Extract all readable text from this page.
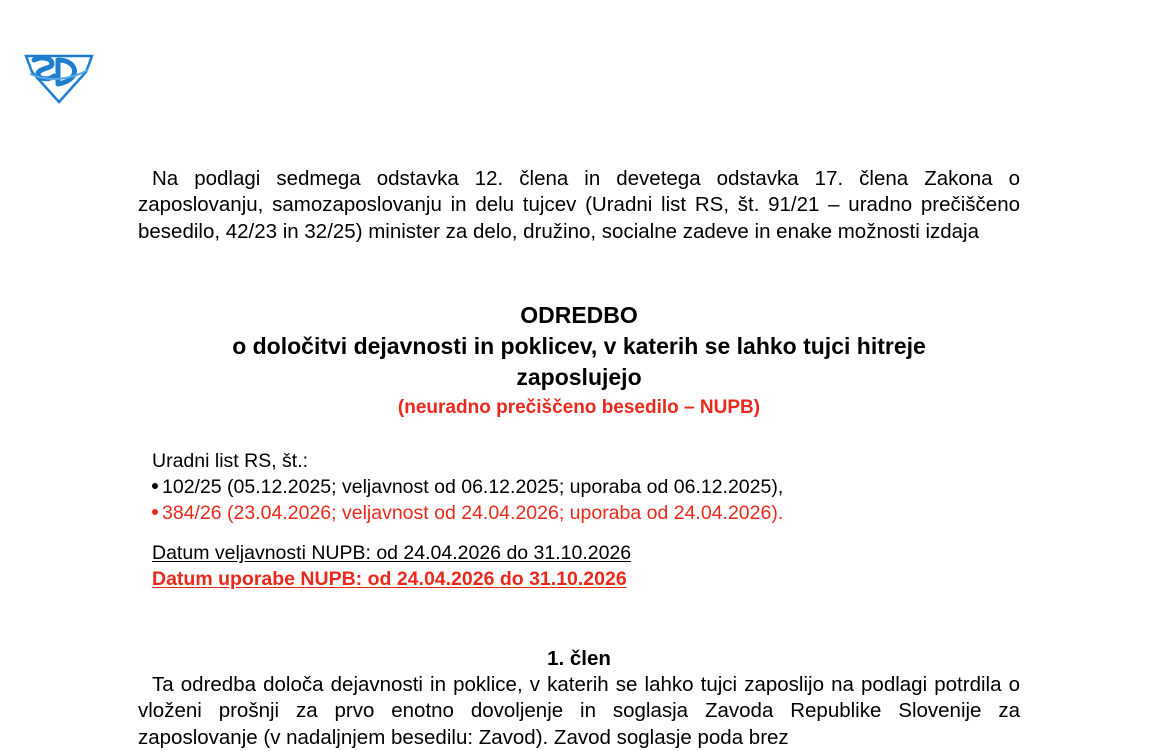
Na podlagi sedmega odstavka 12. člena in devetega odstavka 17. člena Zakona o zaposlovanju, samozaposlovanju in delu tujcev (Uradni list RS, št. 91/21 – uradno prečiščeno besedilo, 42/23 in 32/25) minister za delo, družino, socialne zadeve in enake možnosti izdaja

ODREDBO
o določitvi dejavnosti in poklicev, v katerih se lahko tujci hitreje
zaposlujejo
(neuradno prečiščeno besedilo – NUPB)
Uradni list RS, št.:
102/25 (05.12.2025; veljavnost od 06.12.2025; uporaba od 06.12.2025),
384/26 (23.04.2026; veljavnost od 24.04.2026; uporaba od 24.04.2026).
Datum veljavnosti NUPB: od 24.04.2026 do 31.10.2026
Datum uporabe NUPB: od 24.04.2026 do 31.10.2026
1. člen

Ta odredba določa dejavnosti in poklice, v katerih se lahko tujci zaposlijo na podlagi potrdila o vloženi prošnji za prvo enotno dovoljenje in soglasja Zavoda Republike Slovenije za zaposlovanje (v nadaljnjem besedilu: Zavod). Zavod soglasje poda brez
